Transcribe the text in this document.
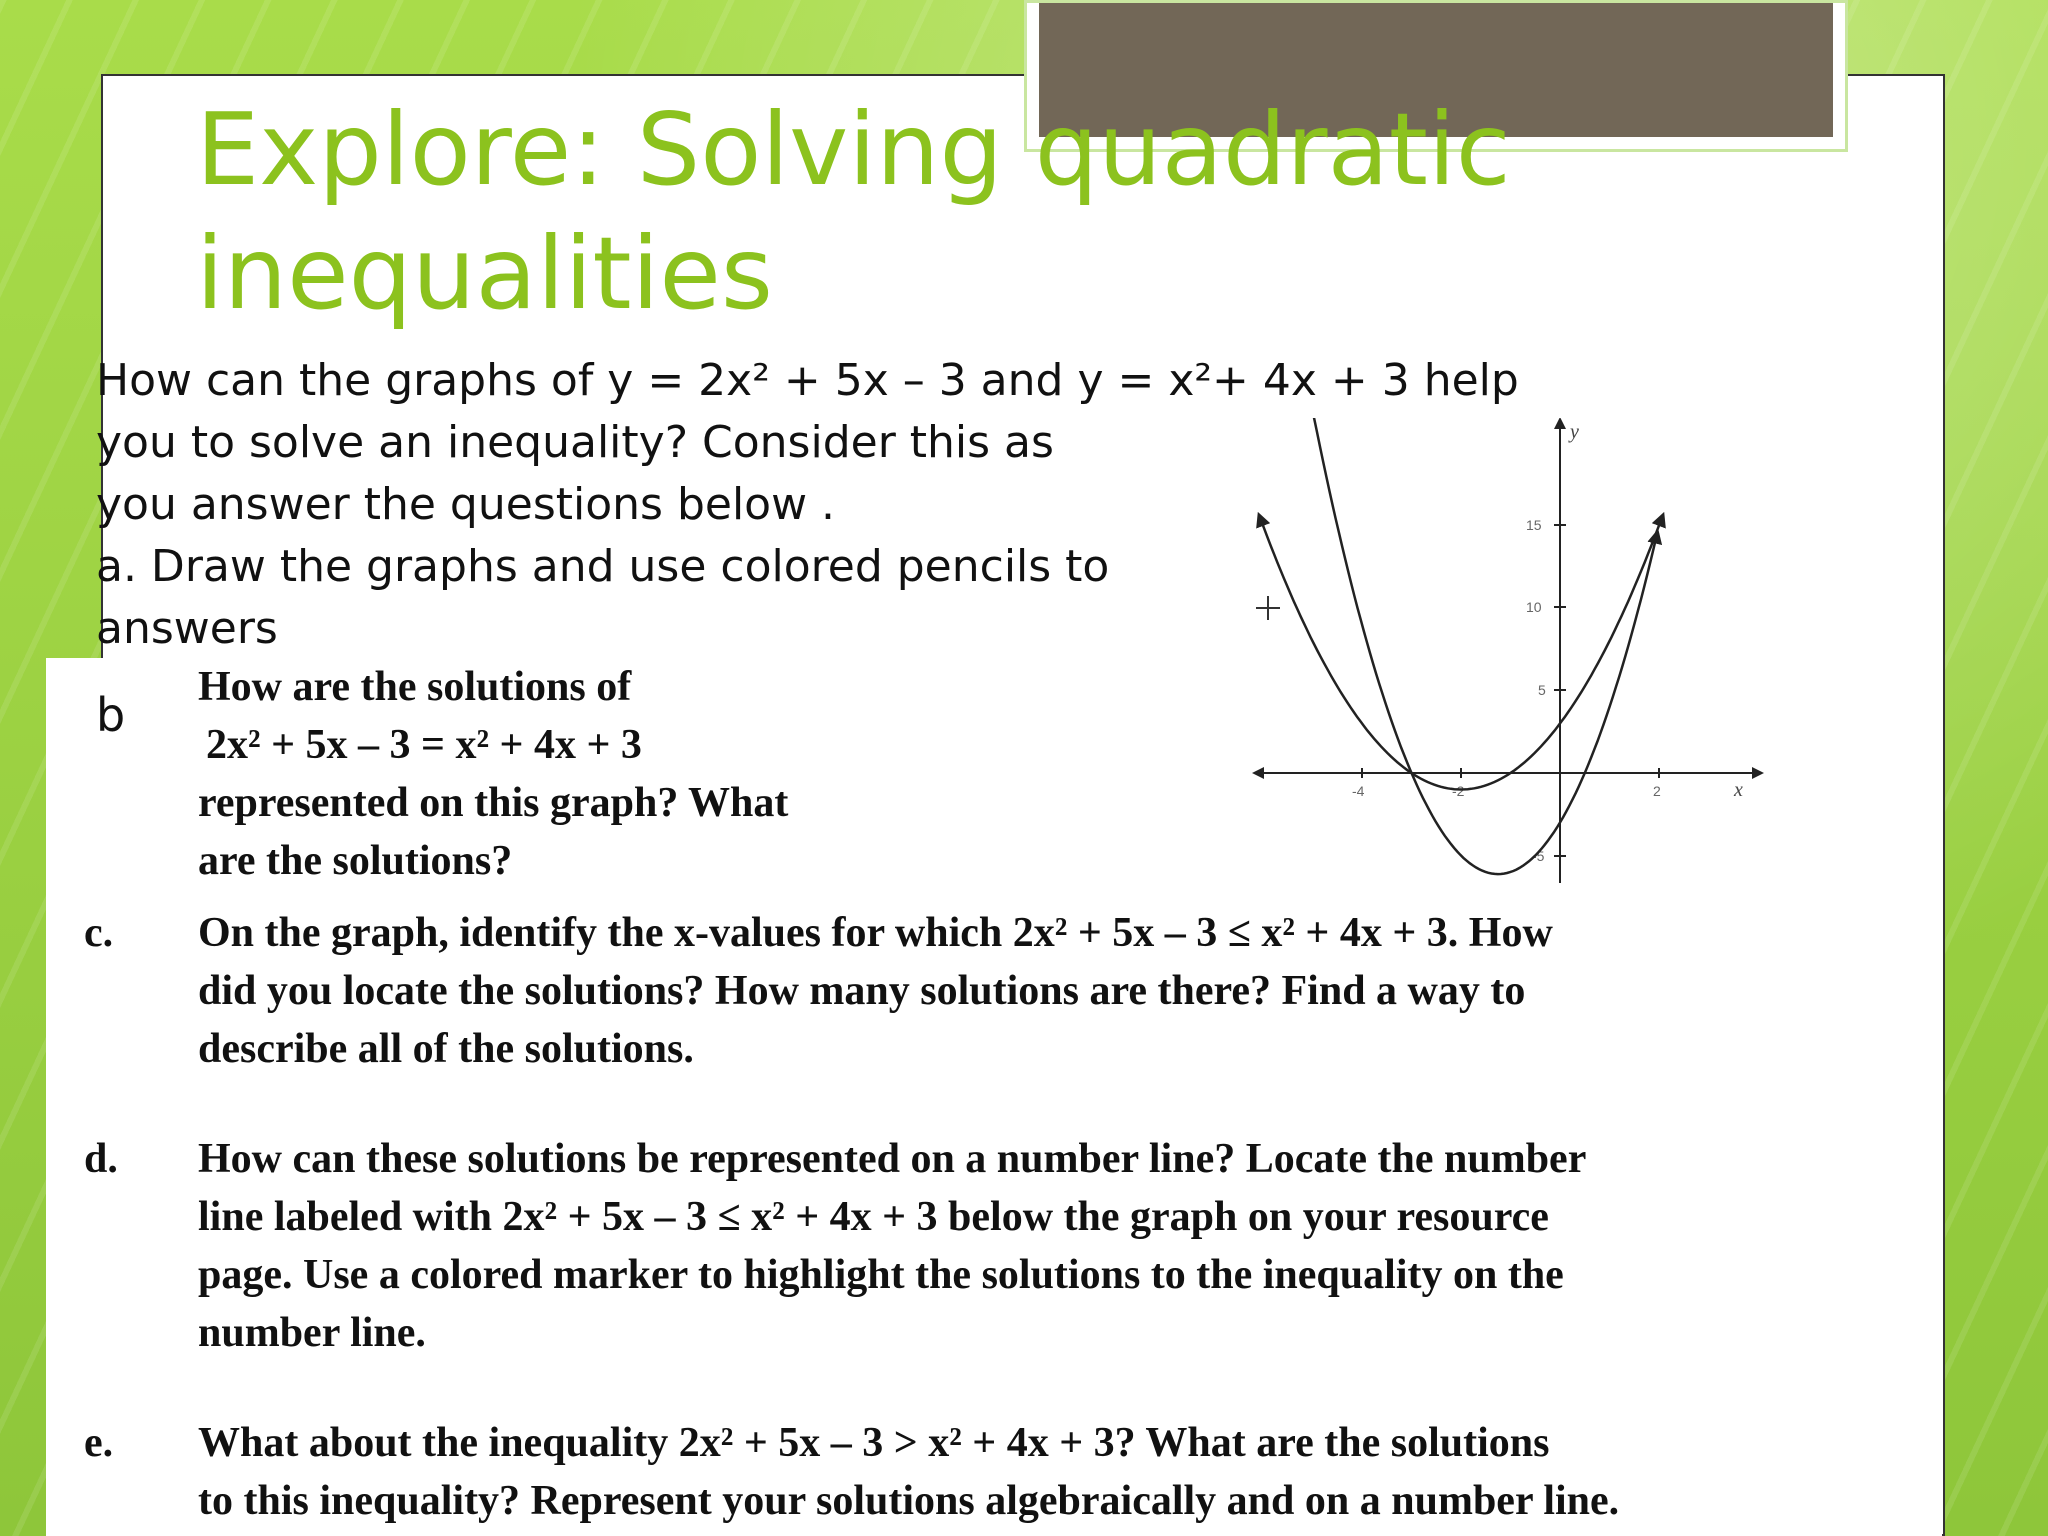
Explore: Solving quadratic
inequalities
How can the graphs of y = 2x² + 5x – 3 and y = x²+ 4x + 3 help
you to solve an inequality? Consider this as
you answer the questions below .
a. Draw the graphs and use colored pencils to
answers
b
How are the solutions of
2x² + 5x – 3 = x² + 4x + 3
represented on this graph? What
are the solutions?
c. On the graph, identify the x-values for which 2x² + 5x – 3 ≤ x² + 4x + 3. How
did you locate the solutions? How many solutions are there? Find a way to
describe all of the solutions.
d. How can these solutions be represented on a number line? Locate the number
line labeled with 2x² + 5x – 3 ≤ x² + 4x + 3 below the graph on your resource
page. Use a colored marker to highlight the solutions to the inequality on the
number line.
e. What about the inequality 2x² + 5x – 3 > x² + 4x + 3? What are the solutions
to this inequality? Represent your solutions algebraically and on a number line.
y
x
15
10
5
-5
-4	-2	2
